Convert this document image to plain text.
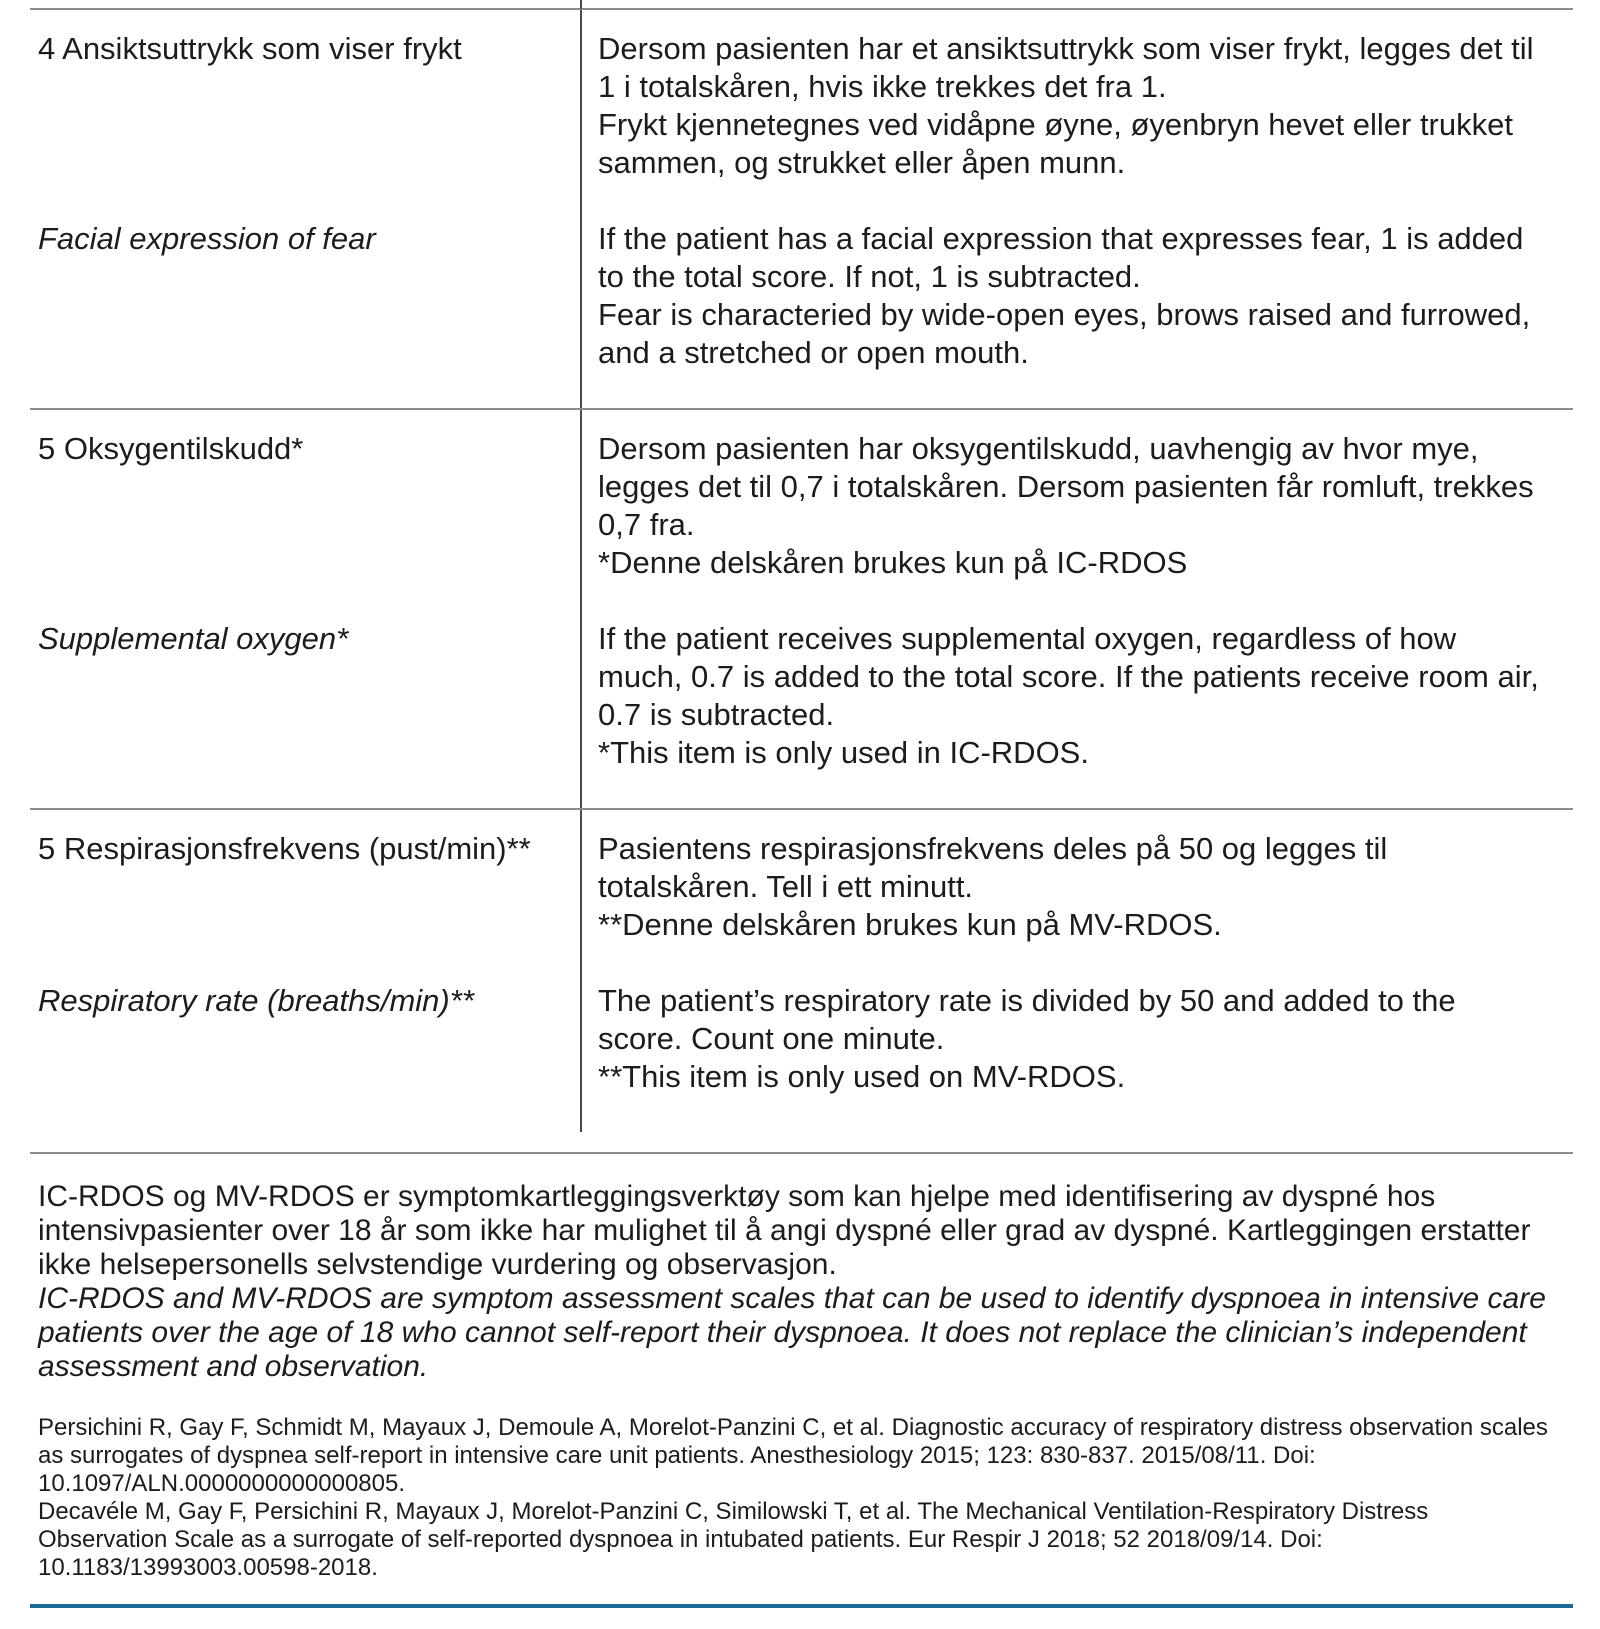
4 Ansiktsuttrykk som viser frykt	Dersom pasienten har et ansiktsuttrykk som viser frykt, legges det til 1 i totalskåren, hvis ikke trekkes det fra 1.
Frykt kjennetegnes ved vidåpne øyne, øyenbryn hevet eller trukket sammen, og strukket eller åpen munn.
Facial expression of fear	If the patient has a facial expression that expresses fear, 1 is added to the total score. If not, 1 is subtracted.
Fear is characteried by wide-open eyes, brows raised and furrowed, and a stretched or open mouth.
5 Oksygentilskudd*	Dersom pasienten har oksygentilskudd, uavhengig av hvor mye, legges det til 0,7 i totalskåren. Dersom pasienten får romluft, trekkes 0,7 fra.
*Denne delskåren brukes kun på IC-RDOS
Supplemental oxygen*	If the patient receives supplemental oxygen, regardless of how much, 0.7 is added to the total score. If the patients receive room air, 0.7 is subtracted.
*This item is only used in IC-RDOS.
5 Respirasjonsfrekvens (pust/min)**	Pasientens respirasjonsfrekvens deles på 50 og legges til totalskåren. Tell i ett minutt.
**Denne delskåren brukes kun på MV-RDOS.
Respiratory rate (breaths/min)**	The patient’s respiratory rate is divided by 50 and added to the score. Count one minute.
**This item is only used on MV-RDOS.

IC-RDOS og MV-RDOS er symptomkartleggingsverktøy som kan hjelpe med identifisering av dyspné hos intensivpasienter over 18 år som ikke har mulighet til å angi dyspné eller grad av dyspné. Kartleggingen erstatter ikke helsepersonells selvstendige vurdering og observasjon.

IC-RDOS and MV-RDOS are symptom assessment scales that can be used to identify dyspnoea in intensive care patients over the age of 18 who cannot self-report their dyspnoea. It does not replace the clinician’s independent assessment and observation.

Persichini R, Gay F, Schmidt M, Mayaux J, Demoule A, Morelot-Panzini C, et al. Diagnostic accuracy of respiratory distress observation scales as surrogates of dyspnea self-report in intensive care unit patients. Anesthesiology 2015; 123: 830-837. 2015/08/11. Doi: 10.1097/ALN.0000000000000805.

Decavéle M, Gay F, Persichini R, Mayaux J, Morelot-Panzini C, Similowski T, et al. The Mechanical Ventilation-Respiratory Distress Observation Scale as a surrogate of self-reported dyspnoea in intubated patients. Eur Respir J 2018; 52 2018/09/14. Doi: 10.1183/13993003.00598-2018.
